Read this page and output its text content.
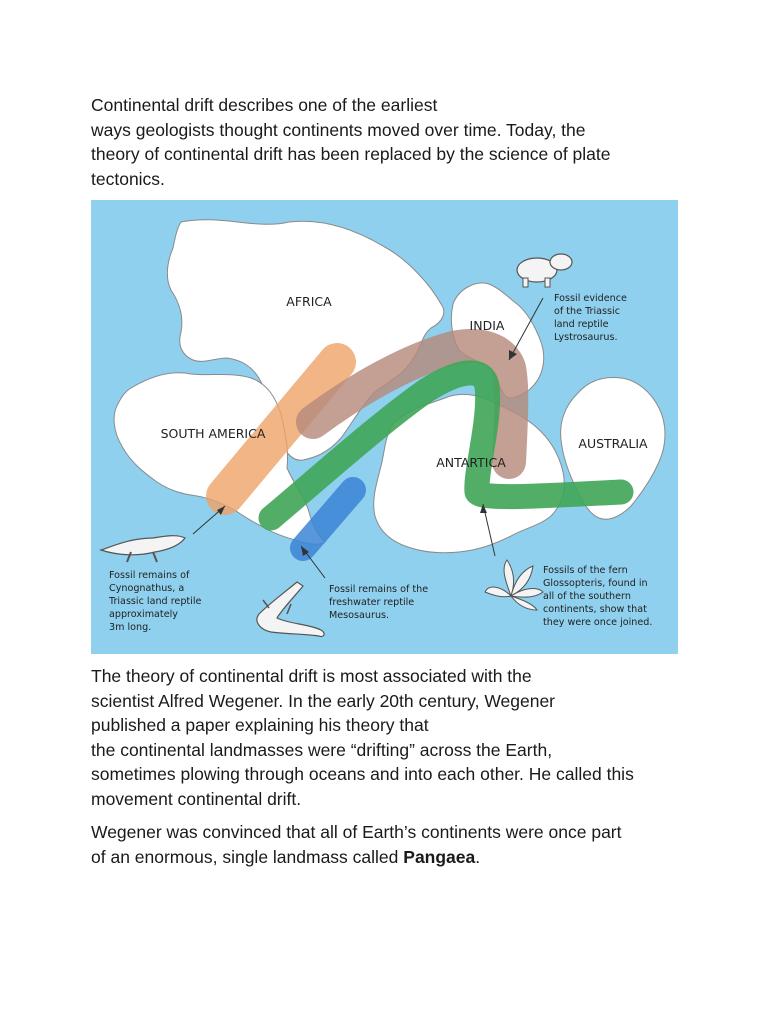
Continental drift describes one of the earliest
ways geologists thought continents moved over time. Today, the
theory of continental drift has been replaced by the science of plate
tectonics.
AFRICA
INDIA
SOUTH AMERICA
ANTARTICA
AUSTRALIA
Fossil evidence of the Triassic land reptile Lystrosaurus.
Fossil remains of Cynognathus, a Triassic land reptile approximately 3m long.
Fossil remains of the freshwater reptile Mesosaurus.
Fossils of the fern Glossopteris, found in all of the southern continents, show that they were once joined.
The theory of continental drift is most associated with the
scientist Alfred Wegener. In the early 20th century, Wegener
published a paper explaining his theory that
the continental landmasses were “drifting” across the Earth,
sometimes plowing through oceans and into each other. He called this
movement continental drift.
Wegener was convinced that all of Earth’s continents were once part
of an enormous, single landmass called Pangaea.
